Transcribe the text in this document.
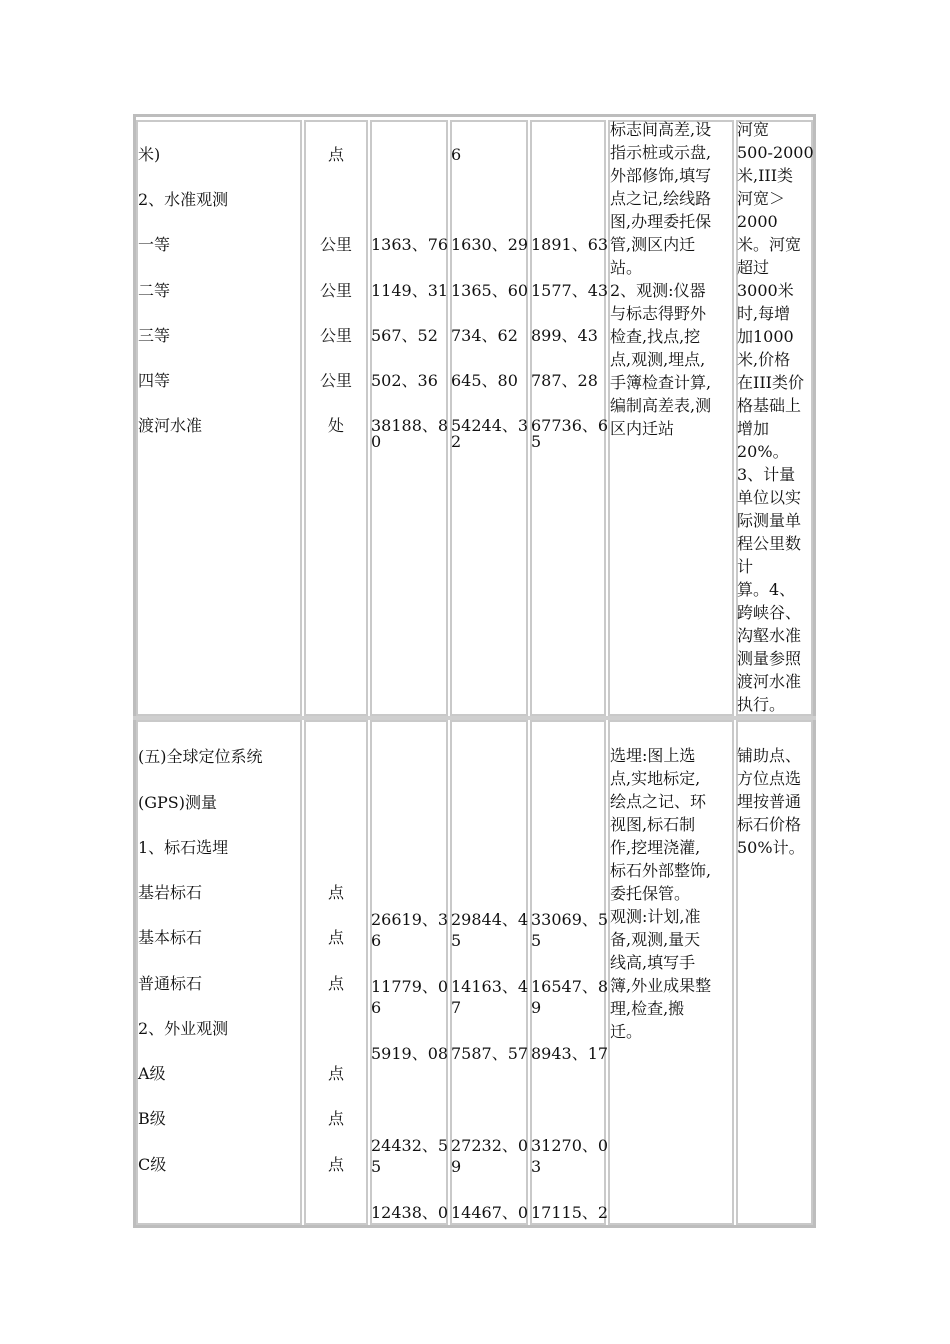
米)
2、水准观测
一等
二等
三等
四等
渡河水准
点
公里
公里
公里
公里
处
6
1363、76 1630、29 1891、63
1149、31 1365、60 1577、43
567、52 734、62 899、43
502、36 645、80 787、28
38188、80
54244、32
67736、65
标志间高差,设
指示桩或示盘,
外部修饰,填写
点之记,绘线路
图,办理委托保
管,测区内迁
站。
2、观测:仪器
与标志得野外
检查,找点,挖
点,观测,埋点,
手簿检查计算,
编制高差表,测
区内迁站
河宽
500-2000
米,III类
河宽＞
2000
米。河宽
超过
3000米
时,每增
加1000
米,价格
在III类价
格基础上
增加
20%。
3、计量
单位以实
际测量单
程公里数
计
算。4、
跨峡谷、
沟壑水准
测量参照
渡河水准
执行。
(五)全球定位系统
(GPS)测量
1、标石选埋
基岩标石
基本标石
普通标石
2、外业观测
A级
B级
C级
点
点
点
点
点
点
26619、36
29844、45
33069、55
11779、06
14163、47
16547、89
5919、08 7587、57 8943、17
24432、55
27232、09
31270、03
12438、0 14467、0 17115、2
选埋:图上选
点,实地标定,
绘点之记、环
视图,标石制
作,挖埋浇灌,
标石外部整饰,
委托保管。
观测:计划,准
备,观测,量天
线高,填写手
簿,外业成果整
理,检查,搬
迁。
铺助点、
方位点选
埋按普通
标石价格
50%计。
